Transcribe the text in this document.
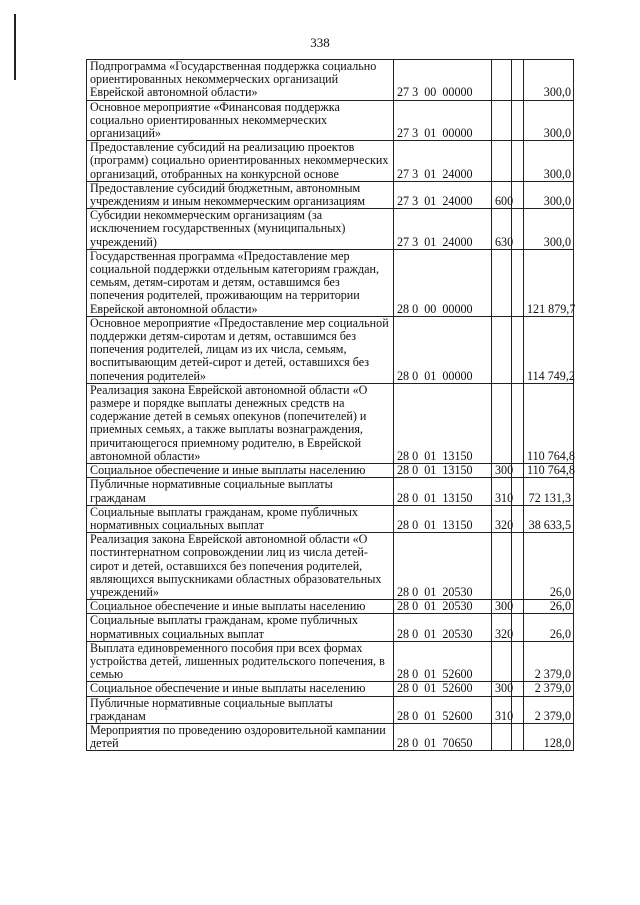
338
Подпрограмма «Государственная поддержка социально ориентированных некоммерческих организаций Еврейской автономной области»	27 3  00  00000			300,0
Основное мероприятие «Финансовая поддержка социально ориентированных некоммерческих организаций»	27 3  01  00000			300,0
Предоставление субсидий на реализацию проектов (программ) социально ориентированных некоммерческих организаций, отобранных на конкурсной основе	27 3  01  24000			300,0
Предоставление субсидий бюджетным, автономным учреждениям и иным некоммерческим организациям	27 3  01  24000	600		300,0
Субсидии некоммерческим организациям (за исключением государственных (муниципальных) учреждений)	27 3  01  24000	630		300,0
Государственная программа «Предоставление мер социальной поддержки отдельным категориям граждан, семьям, детям-сиротам и детям, оставшимся без попечения родителей, проживающим на территории Еврейской автономной области»	28 0  00  00000			121 879,7
Основное мероприятие «Предоставление мер социальной поддержки детям-сиротам и детям, оставшимся без попечения родителей, лицам из их числа, семьям, воспитывающим детей-сирот и детей, оставшихся без попечения родителей»	28 0  01  00000			114 749,2
Реализация закона Еврейской автономной области «О размере и порядке выплаты денежных средств на содержание детей в семьях опекунов (попечителей) и приемных семьях, а также выплаты вознаграждения, причитающегося приемному родителю, в Еврейской автономной области»	28 0  01  13150			110 764,8
Социальное обеспечение и иные выплаты населению	28 0  01  13150	300		110 764,8
Публичные нормативные социальные выплаты гражданам	28 0  01  13150	310		72 131,3
Социальные выплаты гражданам, кроме публичных нормативных социальных выплат	28 0  01  13150	320		38 633,5
Реализация закона Еврейской автономной области «О постинтернатном сопровождении лиц из числа детей-сирот и детей, оставшихся без попечения родителей, являющихся выпускниками областных образовательных учреждений»	28 0  01  20530			26,0
Социальное обеспечение и иные выплаты населению	28 0  01  20530	300		26,0
Социальные выплаты гражданам, кроме публичных нормативных социальных выплат	28 0  01  20530	320		26,0
Выплата единовременного пособия при всех формах устройства детей, лишенных родительского попечения, в семью	28 0  01  52600			2 379,0
Социальное обеспечение и иные выплаты населению	28 0  01  52600	300		2 379,0
Публичные нормативные социальные выплаты гражданам	28 0  01  52600	310		2 379,0
Мероприятия по проведению оздоровительной кампании детей	28 0  01  70650			128,0
